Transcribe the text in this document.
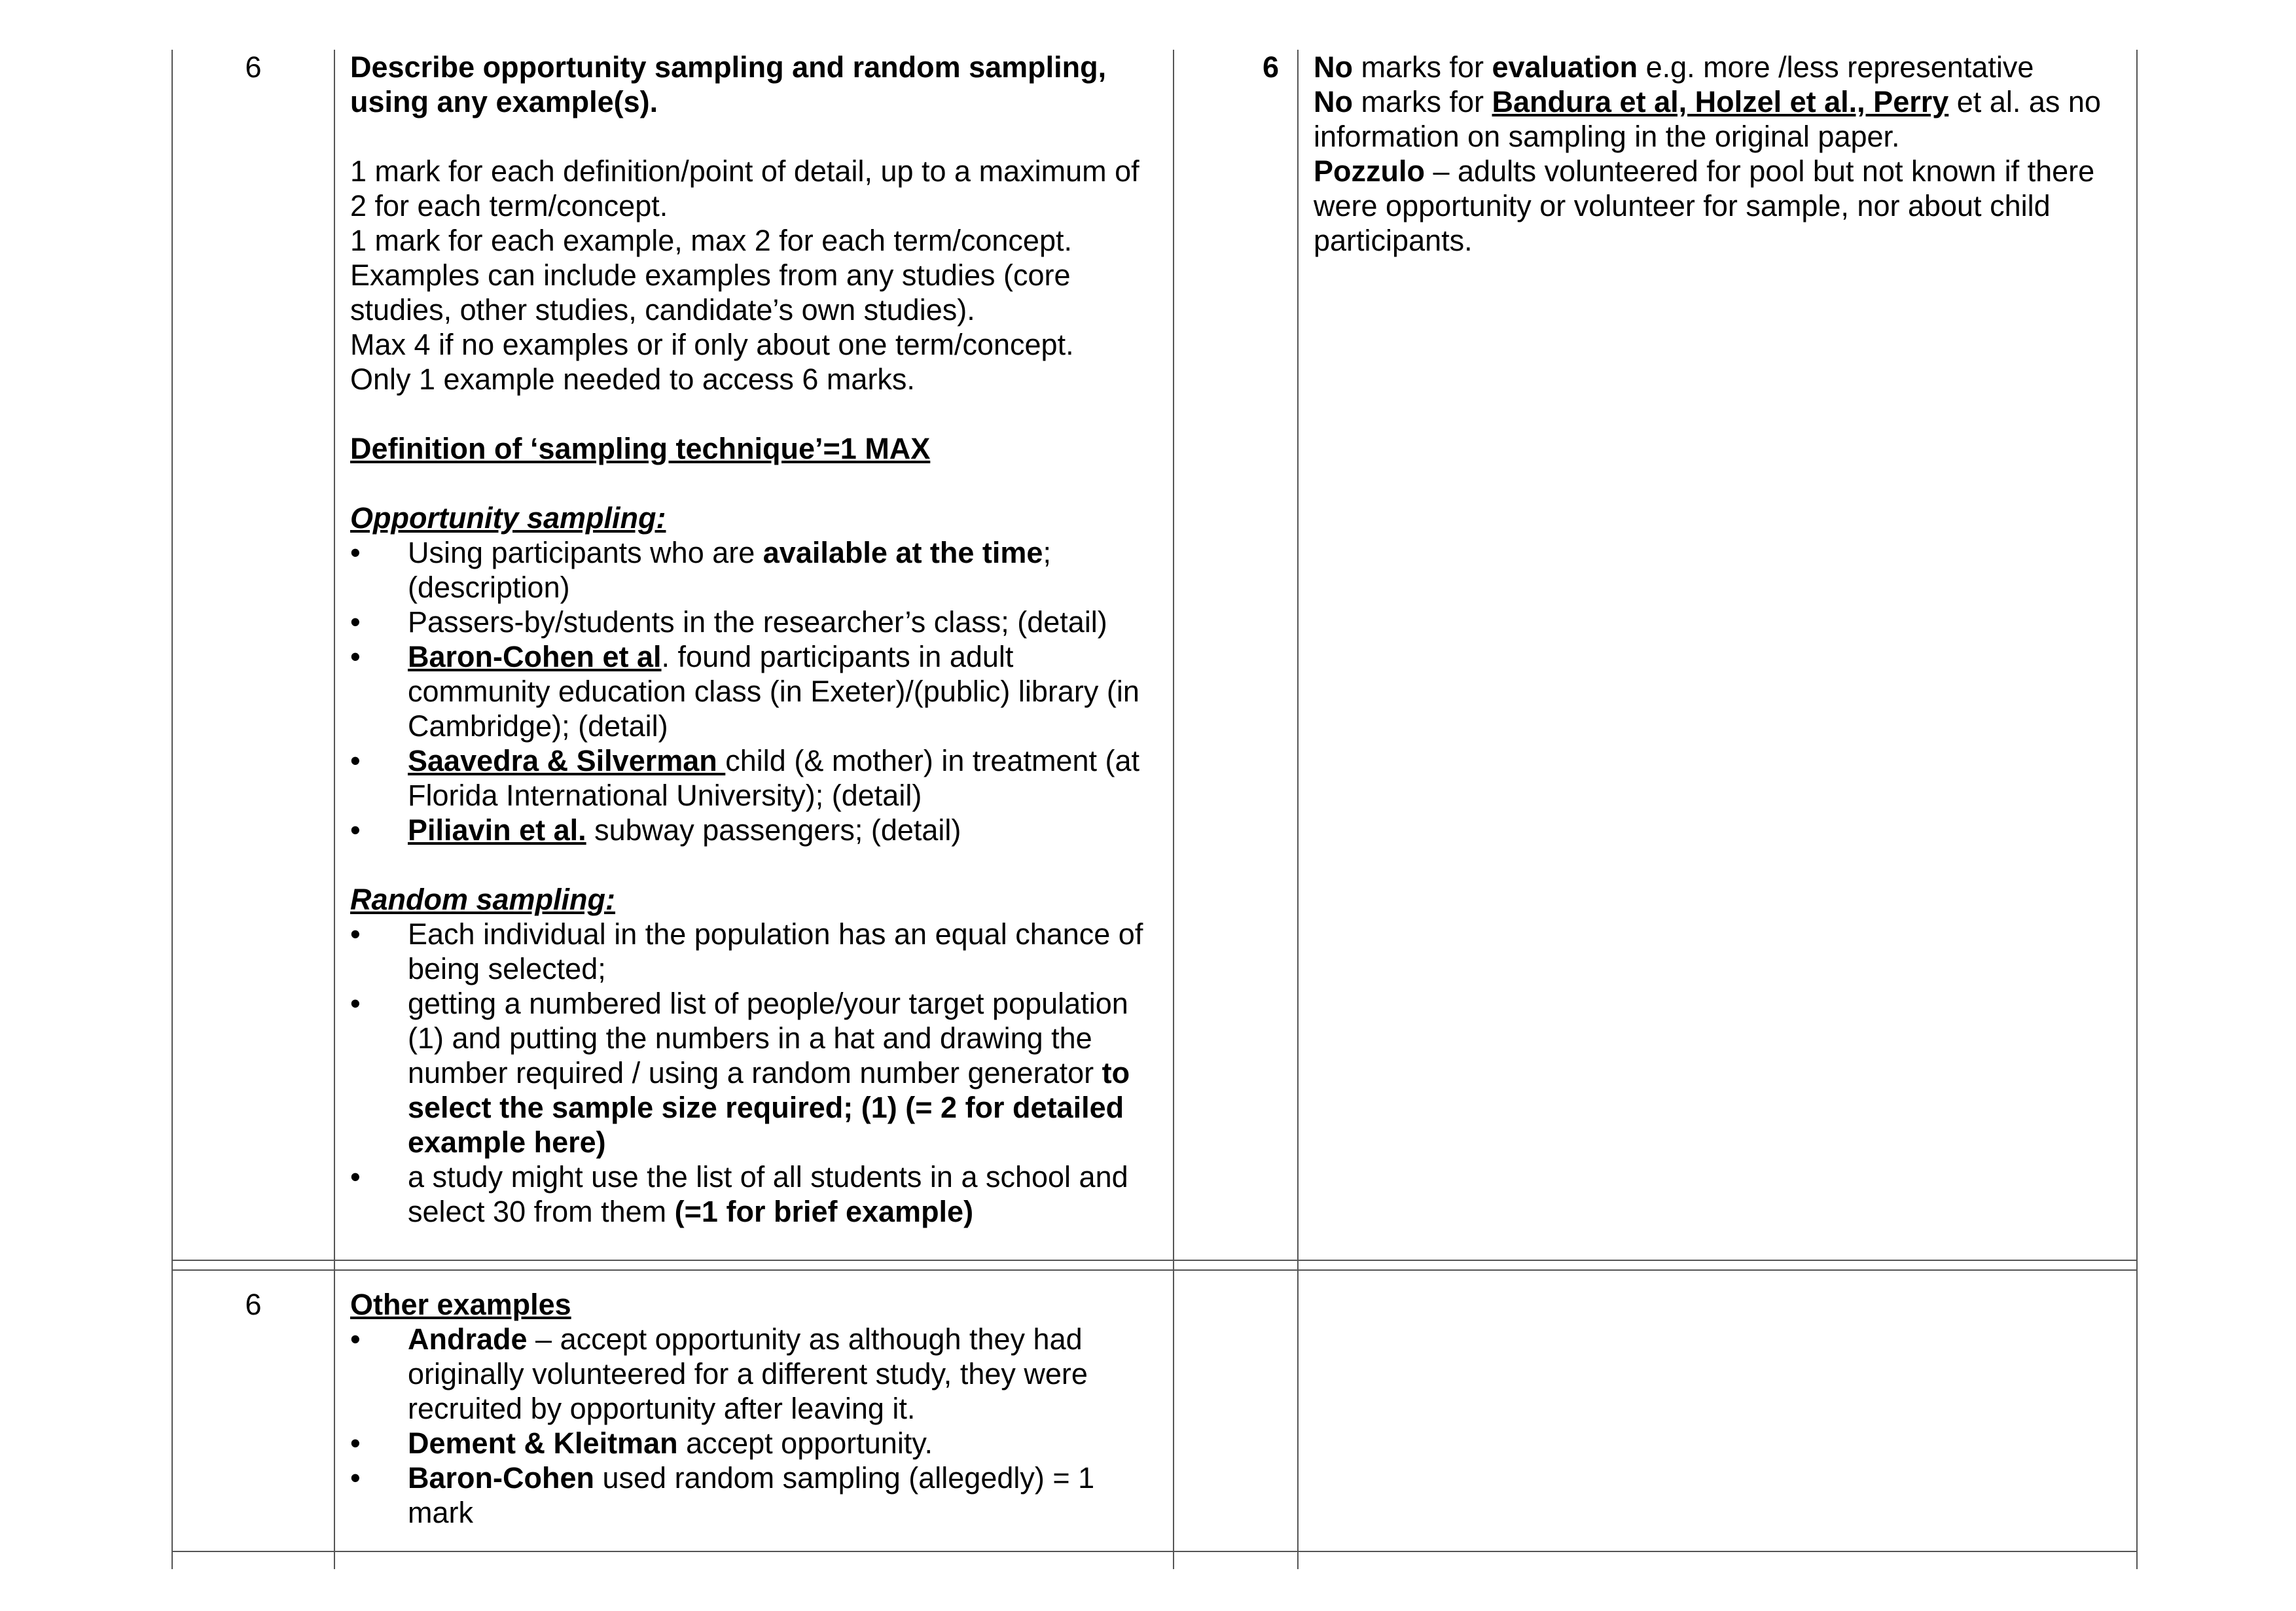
6	Describe opportunity sampling and random sampling, using any example(s).

1 mark for each definition/point of detail, up to a maximum of 2 for each term/concept.

1 mark for each example, max 2 for each term/concept.

Examples can include examples from any studies (core studies, other studies, candidate’s own studies).

Max 4 if no examples or if only about one term/concept.

Only 1 example needed to access 6 marks.

Definition of ‘sampling technique’=1 MAX

Opportunity sampling:

• Using participants who are available at the time; (description)
• Passers-by/students in the researcher’s class; (detail)
• Baron-Cohen et al. found participants in adult community education class (in Exeter)/(public) library (in Cambridge); (detail)
• Saavedra & Silverman child (& mother) in treatment (at Florida International University); (detail)
• Piliavin et al. subway passengers; (detail)

Random sampling:

• Each individual in the population has an equal chance of being selected;
• getting a numbered list of people/your target population (1) and putting the numbers in a hat and drawing the number required / using a random number generator to select the sample size required; (1) (= 2 for detailed example here)
• a study might use the list of all students in a school and select 30 from them (=1 for brief example)
6 No marks for evaluation e.g. more /less representative

No marks for Bandura et al, Holzel et al., Perry et al. as no information on sampling in the original paper.

Pozzulo – adults volunteered for pool but not known if there were opportunity or volunteer for sample, nor about child participants.

6	Other examples

• Andrade – accept opportunity as although they had originally volunteered for a different study, they were recruited by opportunity after leaving it.
• Dement & Kleitman accept opportunity.
• Baron-Cohen used random sampling (allegedly) = 1 mark
